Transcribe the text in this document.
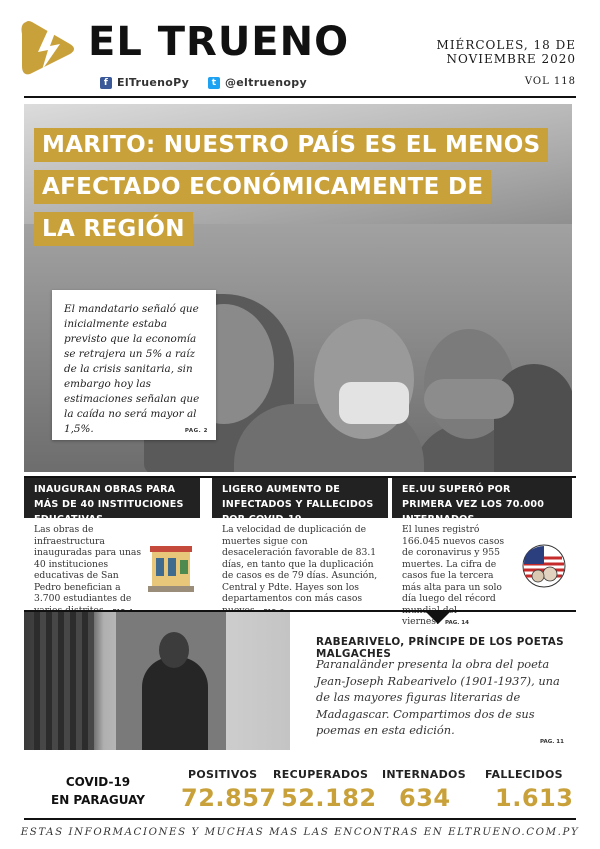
EL TRUENO
f ElTruenoPy	t @eltruenopy
MIÉRCOLES, 18 DE NOVIEMBRE 2020
VOL 118
MARITO: NUESTRO PAÍS ES EL MENOS
AFECTADO ECONÓMICAMENTE DE
LA REGIÓN

El mandatario señaló que inicialmente estaba previsto que la economía se retrajera un 5% a raíz de la crisis sanitaria, sin embargo hoy las estimaciones señalan que la caída no será mayor al 1,5%.	PAG. 2
INAUGURAN OBRAS PARA MÁS DE 40 INSTITUCIONES EDUCATIVAS
Las obras de infraestructura inauguradas para unas 40 instituciones educativas de San Pedro benefician a 3.700 estudiantes de
LIGERO AUMENTO DE INFECTADOS Y FALLECIDOS POR COVID-19
La velocidad de duplicación de muertes sigue con desaceleración favorable de 83.1 días, en tanto que la duplicación de casos es de 79 días. Asunción, Central y Pdte. Hayes son los departamentos con más casos
EE.UU SUPERÓ POR PRIMERA VEZ LOS 70.000 INTERNADOS
El lunes registró 166.045 nuevos casos de coronavirus y 955 muertes. La cifra de casos fue la tercera más alta para un solo día luego del récord viernes. PAG. 14
RABEARIVELO, PRÍNCIPE DE LOS POETAS MALGACHES
Paranaländer presenta la obra del poeta Jean-Joseph Rabearivelo (1901-1937), una de las mayores figuras literarias de Madagascar. Compartimos dos de sus poemas en esta edición.
PAG. 11
COVID-19
EN PARAGUAY
POSITIVOS
72.857
RECUPERADOS
52.182
INTERNADOS
634
FALLECIDOS
1.613
ESTAS INFORMACIONES Y MUCHAS MAS LAS ENCONTRAS EN ELTRUENO.COM.PY
